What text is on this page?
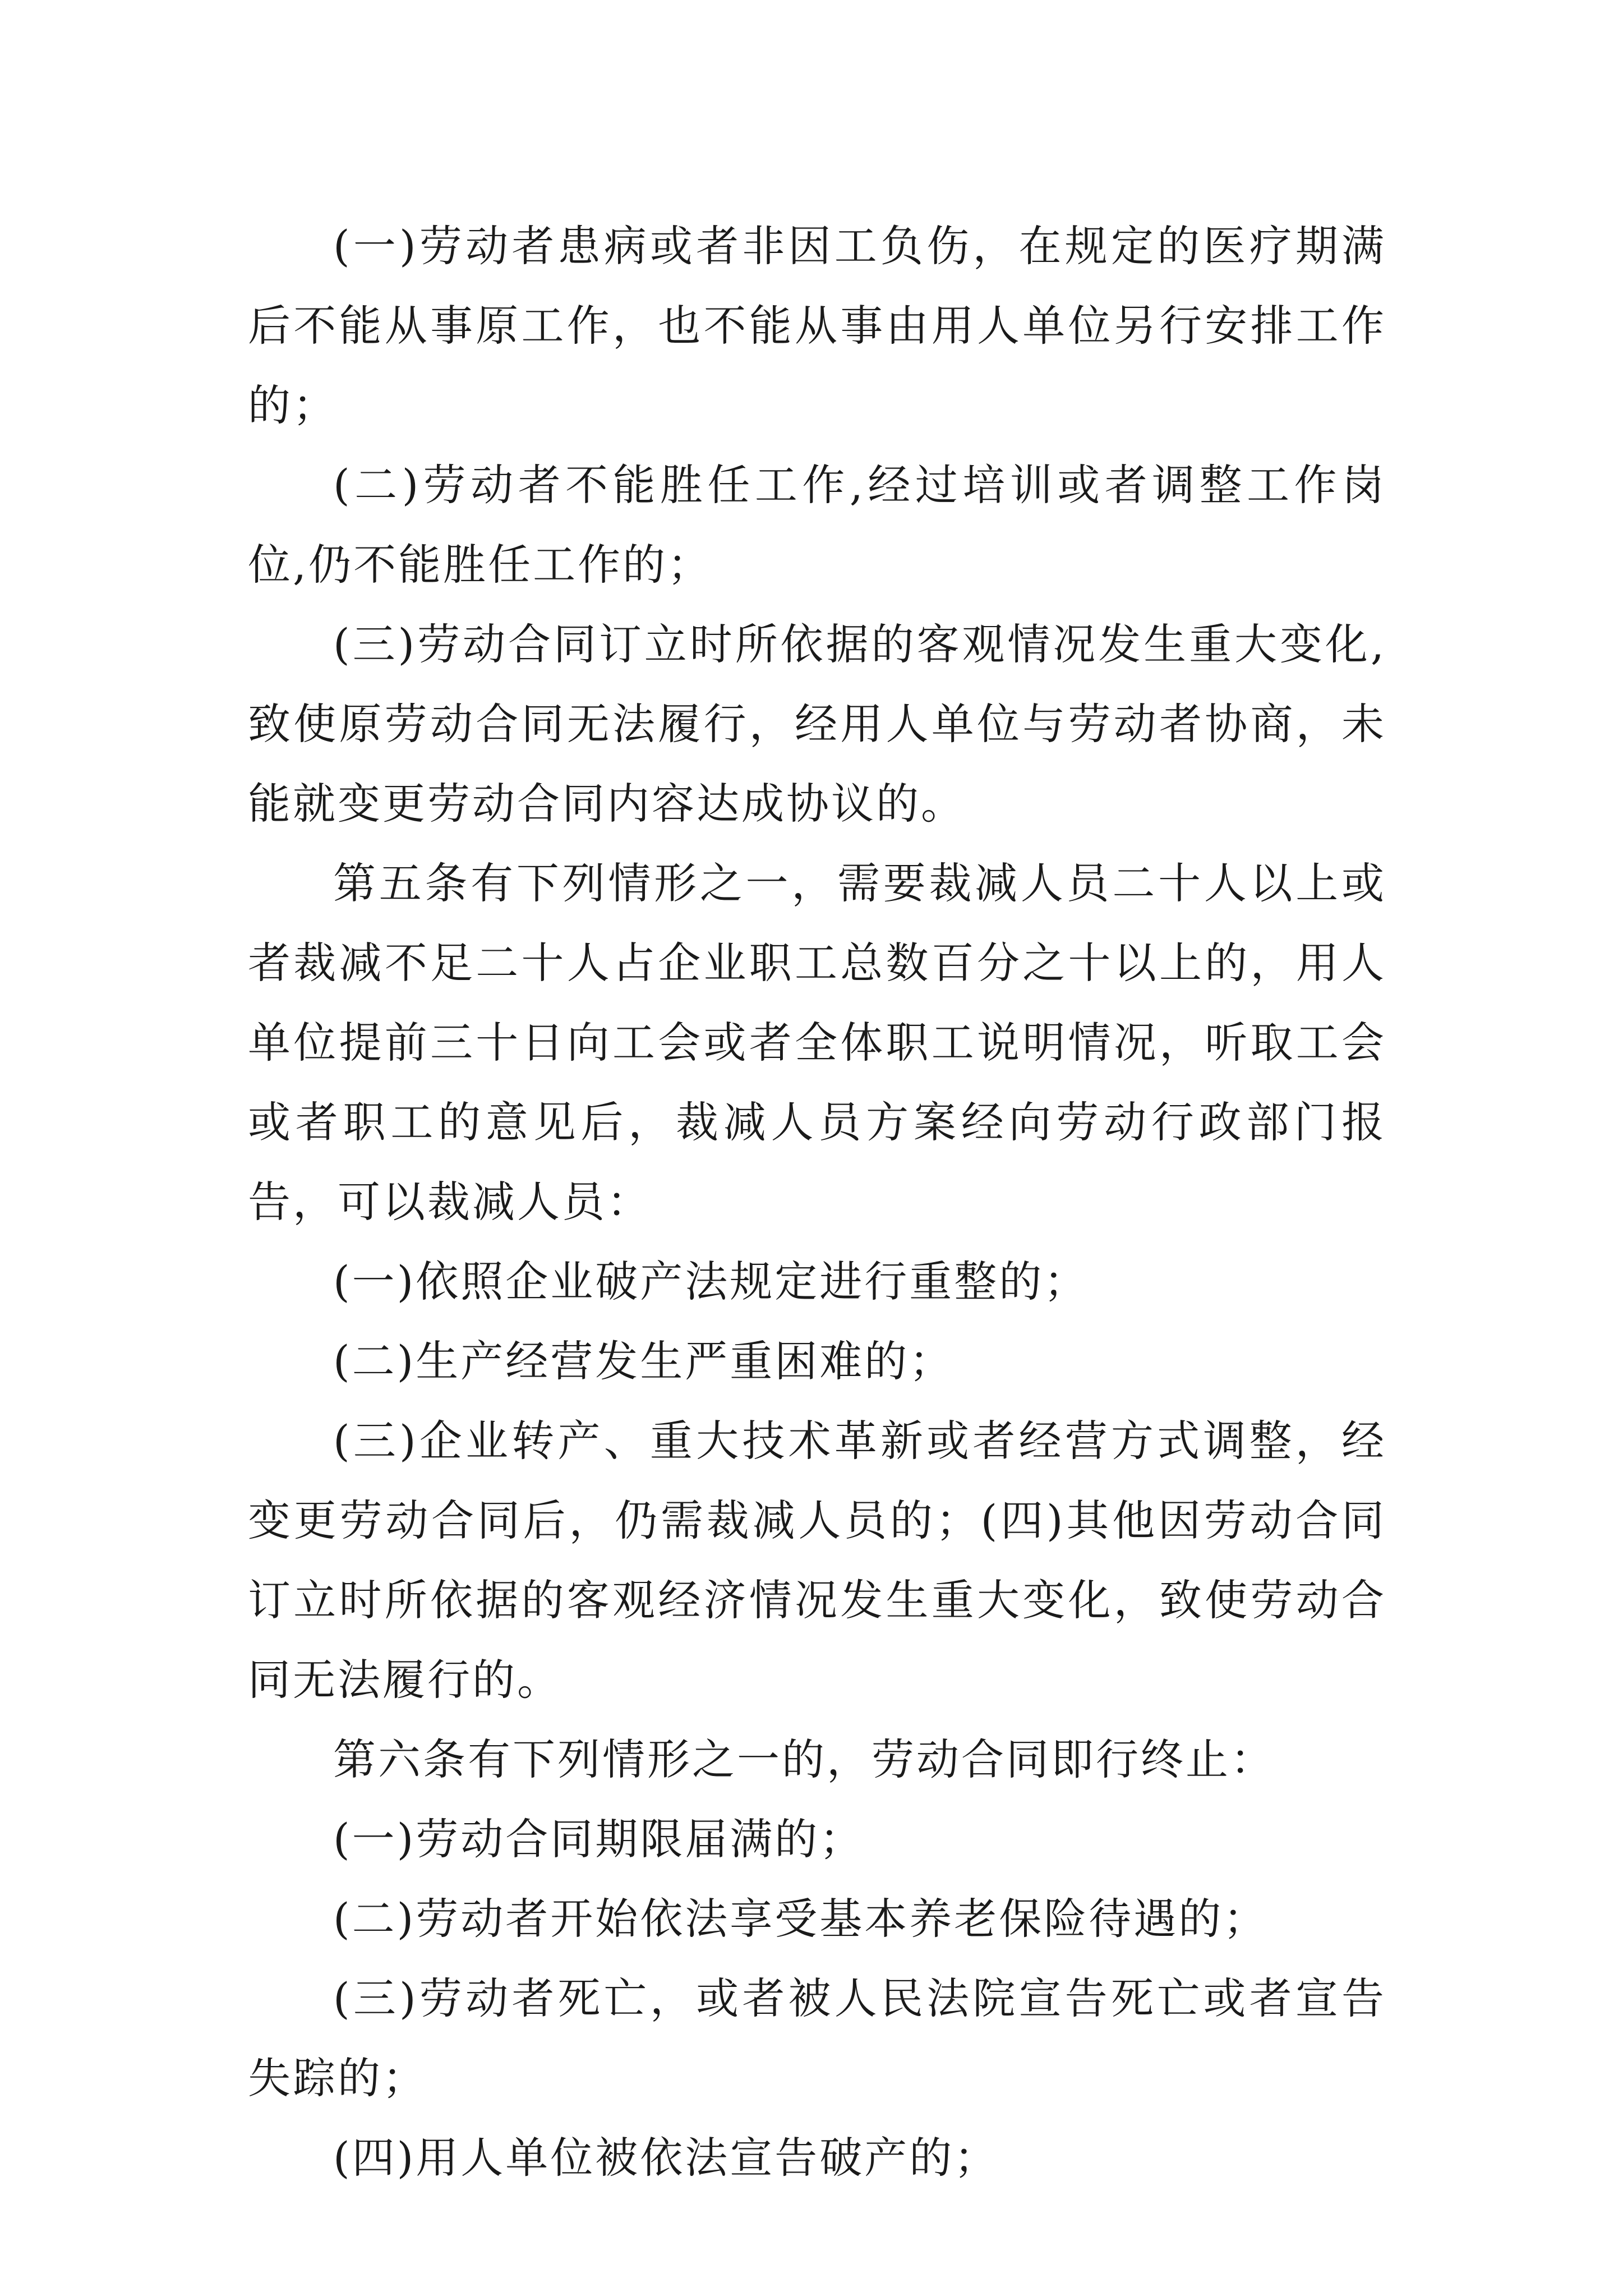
(一)劳动者患病或者非因工负伤，在规定的医疗期满后不能从事原工作，也不能从事由用人单位另行安排工作的；

(二)劳动者不能胜任工作,经过培训或者调整工作岗位,仍不能胜任工作的；

(三)劳动合同订立时所依据的客观情况发生重大变化,致使原劳动合同无法履行，经用人单位与劳动者协商，未能就变更劳动合同内容达成协议的。

第五条有下列情形之一，需要裁减人员二十人以上或者裁减不足二十人占企业职工总数百分之十以上的，用人单位提前三十日向工会或者全体职工说明情况，听取工会或者职工的意见后，裁减人员方案经向劳动行政部门报告，可以裁减人员：

(一)依照企业破产法规定进行重整的；

(二)生产经营发生严重困难的；

(三)企业转产、重大技术革新或者经营方式调整，经变更劳动合同后，仍需裁减人员的；(四)其他因劳动合同订立时所依据的客观经济情况发生重大变化，致使劳动合同无法履行的。

第六条有下列情形之一的，劳动合同即行终止：

(一)劳动合同期限届满的；

(二)劳动者开始依法享受基本养老保险待遇的；

(三)劳动者死亡，或者被人民法院宣告死亡或者宣告失踪的；

(四)用人单位被依法宣告破产的；
